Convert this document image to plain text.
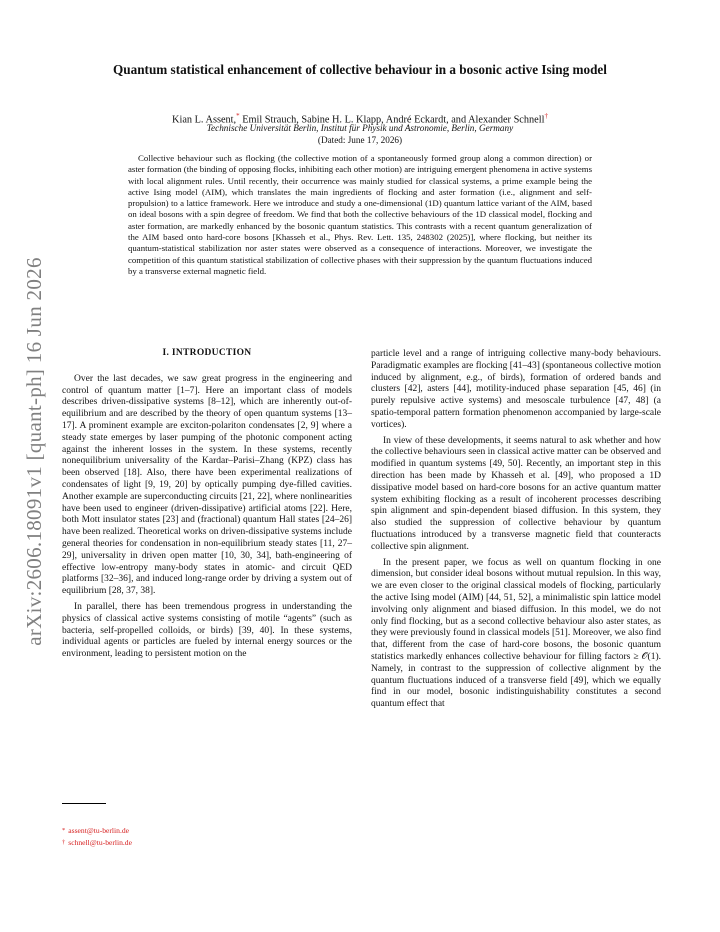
arXiv:2606.18091v1 [quant-ph] 16 Jun 2026
Quantum statistical enhancement of collective behaviour in a bosonic active Ising model

Kian L. Assent,* Emil Strauch, Sabine H. L. Klapp, André Eckardt, and Alexander Schnell†

Technische Universität Berlin, Institut für Physik und Astronomie, Berlin, Germany

(Dated: June 17, 2026)

Collective behaviour such as flocking (the collective motion of a spontaneously formed group along a common direction) or aster formation (the binding of opposing flocks, inhibiting each other motion) are intriguing emergent phenomena in active systems with local alignment rules. Until recently, their occurrence was mainly studied for classical systems, a prime example being the active Ising model (AIM), which translates the main ingredients of flocking and aster formation (i.e., alignment and self-propulsion) to a lattice framework. Here we introduce and study a one-dimensional (1D) quantum lattice variant of the AIM, based on ideal bosons with a spin degree of freedom. We find that both the collective behaviours of the 1D classical model, flocking and aster formation, are markedly enhanced by the bosonic quantum statistics. This contrasts with a recent quantum generalization of the AIM based onto hard-core bosons [Khasseh et al., Phys. Rev. Lett. 135, 248302 (2025)], where flocking, but neither its quantum-statistical stabilization nor aster states were observed as a consequence of interactions. Moreover, we investigate the competition of this quantum statistical stabilization of collective phases with their suppression by the quantum fluctuations induced by a transverse external magnetic field.

I. INTRODUCTION

Over the last decades, we saw great progress in the engineering and control of quantum matter [1–7]. Here an important class of models describes driven-dissipative systems [8–12], which are inherently out-of-equilibrium and are described by the theory of open quantum systems [13–17]. A prominent example are exciton-polariton condensates [2, 9] where a steady state emerges by laser pumping of the photonic component acting against the inherent losses in the system. In these systems, recently nonequilibrium universality of the Kardar–Parisi–Zhang (KPZ) class has been observed [18]. Also, there have been experimental realizations of condensates of light [9, 19, 20] by optically pumping dye-filled cavities. Another example are superconducting circuits [21, 22], where nonlinearities have been used to engineer (driven-dissipative) artificial atoms [22]. Here, both Mott insulator states [23] and (fractional) quantum Hall states [24–26] have been realized. Theoretical works on driven-dissipative systems include general theories for condensation in non-equilibrium steady states [11, 27–29], universality in driven open matter [10, 30, 34], bath-engineering of effective low-entropy many-body states in atomic- and circuit QED platforms [32–36], and induced long-range order by driving a system out of equilibrium [28, 37, 38].

In parallel, there has been tremendous progress in understanding the physics of classical active systems consisting of motile “agents” (such as bacteria, self-propelled colloids, or birds) [39, 40]. In these systems, individual agents or particles are fueled by internal energy sources or the environment, leading to persistent motion on the

particle level and a range of intriguing collective many-body behaviours. Paradigmatic examples are flocking [41–43] (spontaneous collective motion induced by alignment, e.g., of birds), formation of ordered bands and clusters [42], asters [44], motility-induced phase separation [45, 46] (in purely repulsive active systems) and mesoscale turbulence [47, 48] (a spatio-temporal pattern formation phenomenon accompanied by large-scale vortices).

In view of these developments, it seems natural to ask whether and how the collective behaviours seen in classical active matter can be observed and modified in quantum systems [49, 50]. Recently, an important step in this direction has been made by Khasseh et al. [49], who proposed a 1D dissipative model based on hard-core bosons for an active quantum matter system exhibiting flocking as a result of incoherent processes describing spin alignment and spin-dependent biased diffusion. In this system, they also studied the suppression of collective behaviour by quantum fluctuations introduced by a transverse magnetic field that counteracts collective spin alignment.

In the present paper, we focus as well on quantum flocking in one dimension, but consider ideal bosons without mutual repulsion. In this way, we are even closer to the original classical models of flocking, particularly the active Ising model (AIM) [44, 51, 52], a minimalistic spin lattice model involving only alignment and biased diffusion. In this model, we do not only find flocking, but as a second collective behaviour also aster states, as they were previously found in classical models [51]. Moreover, we also find that, different from the case of hard-core bosons, the bosonic quantum statistics markedly enhances collective behaviour for filling factors ≥ 𝒪(1). Namely, in contrast to the suppression of collective alignment by the quantum fluctuations induced of a transverse field [49], which we equally find in our model, bosonic indistinguishability constitutes a second quantum effect that

* assent@tu-berlin.de
† schnell@tu-berlin.de
